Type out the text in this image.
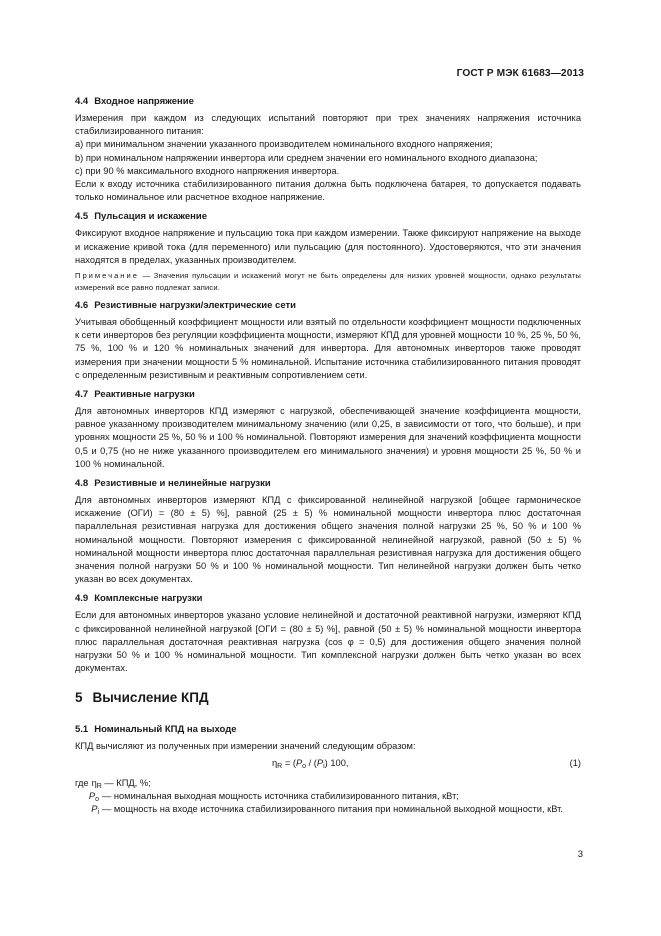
ГОСТ Р МЭК 61683—2013
4.4 Входное напряжение

Измерения при каждом из следующих испытаний повторяют при трех значениях напряжения источника стабилизированного питания:

а) при минимальном значении указанного производителем номинального входного напряжения;

b) при номинальном напряжении инвертора или среднем значении его номинального входного диапазона;

c) при 90 % максимального входного напряжения инвертора.

Если к входу источника стабилизированного питания должна быть подключена батарея, то допускается подавать только номинальное или расчетное входное напряжение.

4.5 Пульсация и искажение

Фиксируют входное напряжение и пульсацию тока при каждом измерении. Также фиксируют напряжение на выходе и искажение кривой тока (для переменного) или пульсацию (для постоянного). Удостоверяются, что эти значения находятся в пределах, указанных производителем.

Примечание — Значения пульсации и искажений могут не быть определены для низких уровней мощности, однако результаты измерений все равно подлежат записи.

4.6 Резистивные нагрузки/электрические сети

Учитывая обобщенный коэффициент мощности или взятый по отдельности коэффициент мощности подключенных к сети инверторов без регуляции коэффициента мощности, измеряют КПД для уровней мощности 10 %, 25 %, 50 %, 75 %, 100 % и 120 % номинальных значений для инвертора. Для автономных инверторов также проводят измерения при значении мощности 5 % номинальной. Испытание источника стабилизированного питания проводят с определенным резистивным и реактивным сопротивлением сети.

4.7 Реактивные нагрузки

Для автономных инверторов КПД измеряют с нагрузкой, обеспечивающей значение коэффициента мощности, равное указанному производителем минимальному значению (или 0,25, в зависимости от того, что больше), и при уровнях мощности 25 %, 50 % и 100 % номинальной. Повторяют измерения для значений коэффициента мощности 0,5 и 0,75 (но не ниже указанного производителем его минимального значения) и уровня мощности 25 %, 50 % и 100 % номинальной.

4.8 Резистивные и нелинейные нагрузки

Для автономных инверторов измеряют КПД с фиксированной нелинейной нагрузкой [общее гармоническое искажение (ОГИ) = (80 ± 5) %], равной (25 ± 5) % номинальной мощности инвертора плюс достаточная параллельная резистивная нагрузка для достижения общего значения полной нагрузки 25 %, 50 % и 100 % номинальной мощности. Повторяют измерения с фиксированной нелинейной нагрузкой, равной (50 ± 5) % номинальной мощности инвертора плюс достаточная параллельная резистивная нагрузка для достижения общего значения полной нагрузки 50 % и 100 % номинальной мощности. Тип нелинейной нагрузки должен быть четко указан во всех документах.

4.9 Комплексные нагрузки

Если для автономных инверторов указано условие нелинейной и достаточной реактивной нагрузки, измеряют КПД с фиксированной нелинейной нагрузкой [ОГИ = (80 ± 5) %], равной (50 ± 5) % номинальной мощности инвертора плюс параллельная достаточная реактивная нагрузка (cos φ = 0,5) для достижения общего значения полной нагрузки 50 % и 100 % номинальной мощности. Тип комплексной нагрузки должен быть четко указан во всех документах.

5 Вычисление КПД
5.1 Номинальный КПД на выходе

КПД вычисляют из полученных при измерении значений следующим образом:

$\eta_R = (P_o / (P_i)$ 100,	(1)
где $\eta_R$ — КПД, %;
$P_o$ — номинальная выходная мощность источника стабилизированного питания, кВт;
$P_i$ — мощность на входе источника стабилизированного питания при номинальной выходной мощности, кВт.
3
